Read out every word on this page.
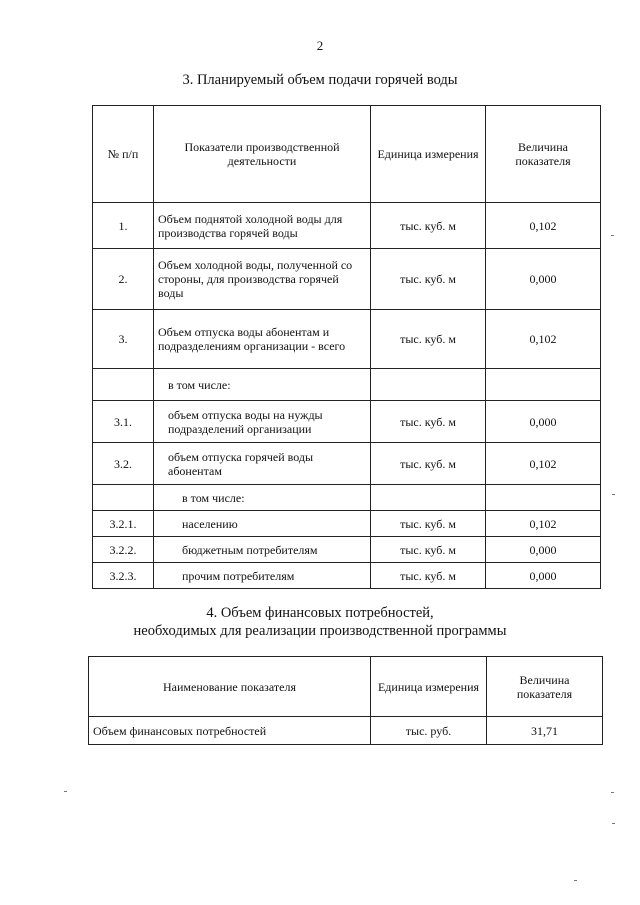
2
3. Планируемый объем подачи горячей воды
№ п/п	Показатели производственной деятельности	Единица измерения	Величина показателя
1.	Объем поднятой холодной воды для производства горячей воды	тыс. куб. м	0,102
2.	Объем холодной воды, полученной со стороны, для производства горячей воды	тыс. куб. м	0,000
3.	Объем отпуска воды абонентам и подразделениям организации - всего	тыс. куб. м	0,102
	в том числе:		
3.1.	объем отпуска воды на нужды подразделений организации	тыс. куб. м	0,000
3.2.	объем отпуска горячей воды абонентам	тыс. куб. м	0,102
	в том числе:		
3.2.1.	населению	тыс. куб. м	0,102
3.2.2.	бюджетным потребителям	тыс. куб. м	0,000
3.2.3.	прочим потребителям	тыс. куб. м	0,000
4. Объем финансовых потребностей,
необходимых для реализации производственной программы
Наименование показателя	Единица измерения	Величина показателя
Объем финансовых потребностей	тыс. руб.	31,71
